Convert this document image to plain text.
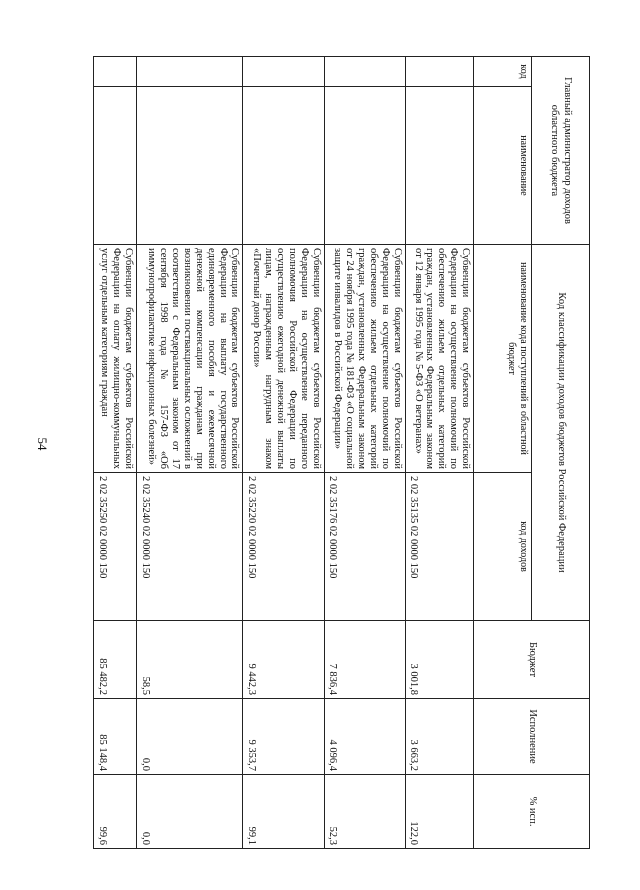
54
Главный администратор доходов областного бюджета		Код классификации доходов бюджетов Российской Федерации		Бюджет	Исполнение	% исп.
код	наименование	наименование кода поступлений в областной бюджет	код доходов			
		Субвенции бюджетам субъектов Российской Федерации на осуществление полномочий по обеспечению жильем отдельных категорий граждан, установленных Федеральным законом от 12 января 1995 года № 5-ФЗ «О ветеранах»	2 02 35135 02 0000 150	3 001,8	3 663,2	122,0
		Субвенции бюджетам субъектов Российской Федерации на осуществление полномочий по обеспечению жильем отдельных категорий граждан, установленных Федеральным законом от 24 ноября 1995 года № 181-ФЗ «О социальной защите инвалидов в Российской Федерации»	2 02 35176 02 0000 150	7 836,4	4 096,4	52,3
		Субвенции бюджетам субъектов Российской Федерации на осуществление переданного полномочия Российской Федерации по осуществлению ежегодной денежной выплаты лицам, награжденным нагрудным знаком «Почетный донор России»	2 02 35220 02 0000 150	9 442,3	9 353,7	99,1
		Субвенции бюджетам субъектов Российской Федерации на выплату государственного единовременного пособия и ежемесячной денежной компенсации гражданам при возникновении поствакцинальных осложнений в соответствии с Федеральным законом от 17 сентября 1998 года № 157-ФЗ «Об иммунопрофилактике инфекционных болезней»	2 02 35240 02 0000 150	58,5	0,0	0,0
		Субвенции бюджетам субъектов Российской Федерации на оплату жилищно-коммунальных услуг отдельным категориям граждан	2 02 35250 02 0000 150	85 482,2	85 148,4	99,6
